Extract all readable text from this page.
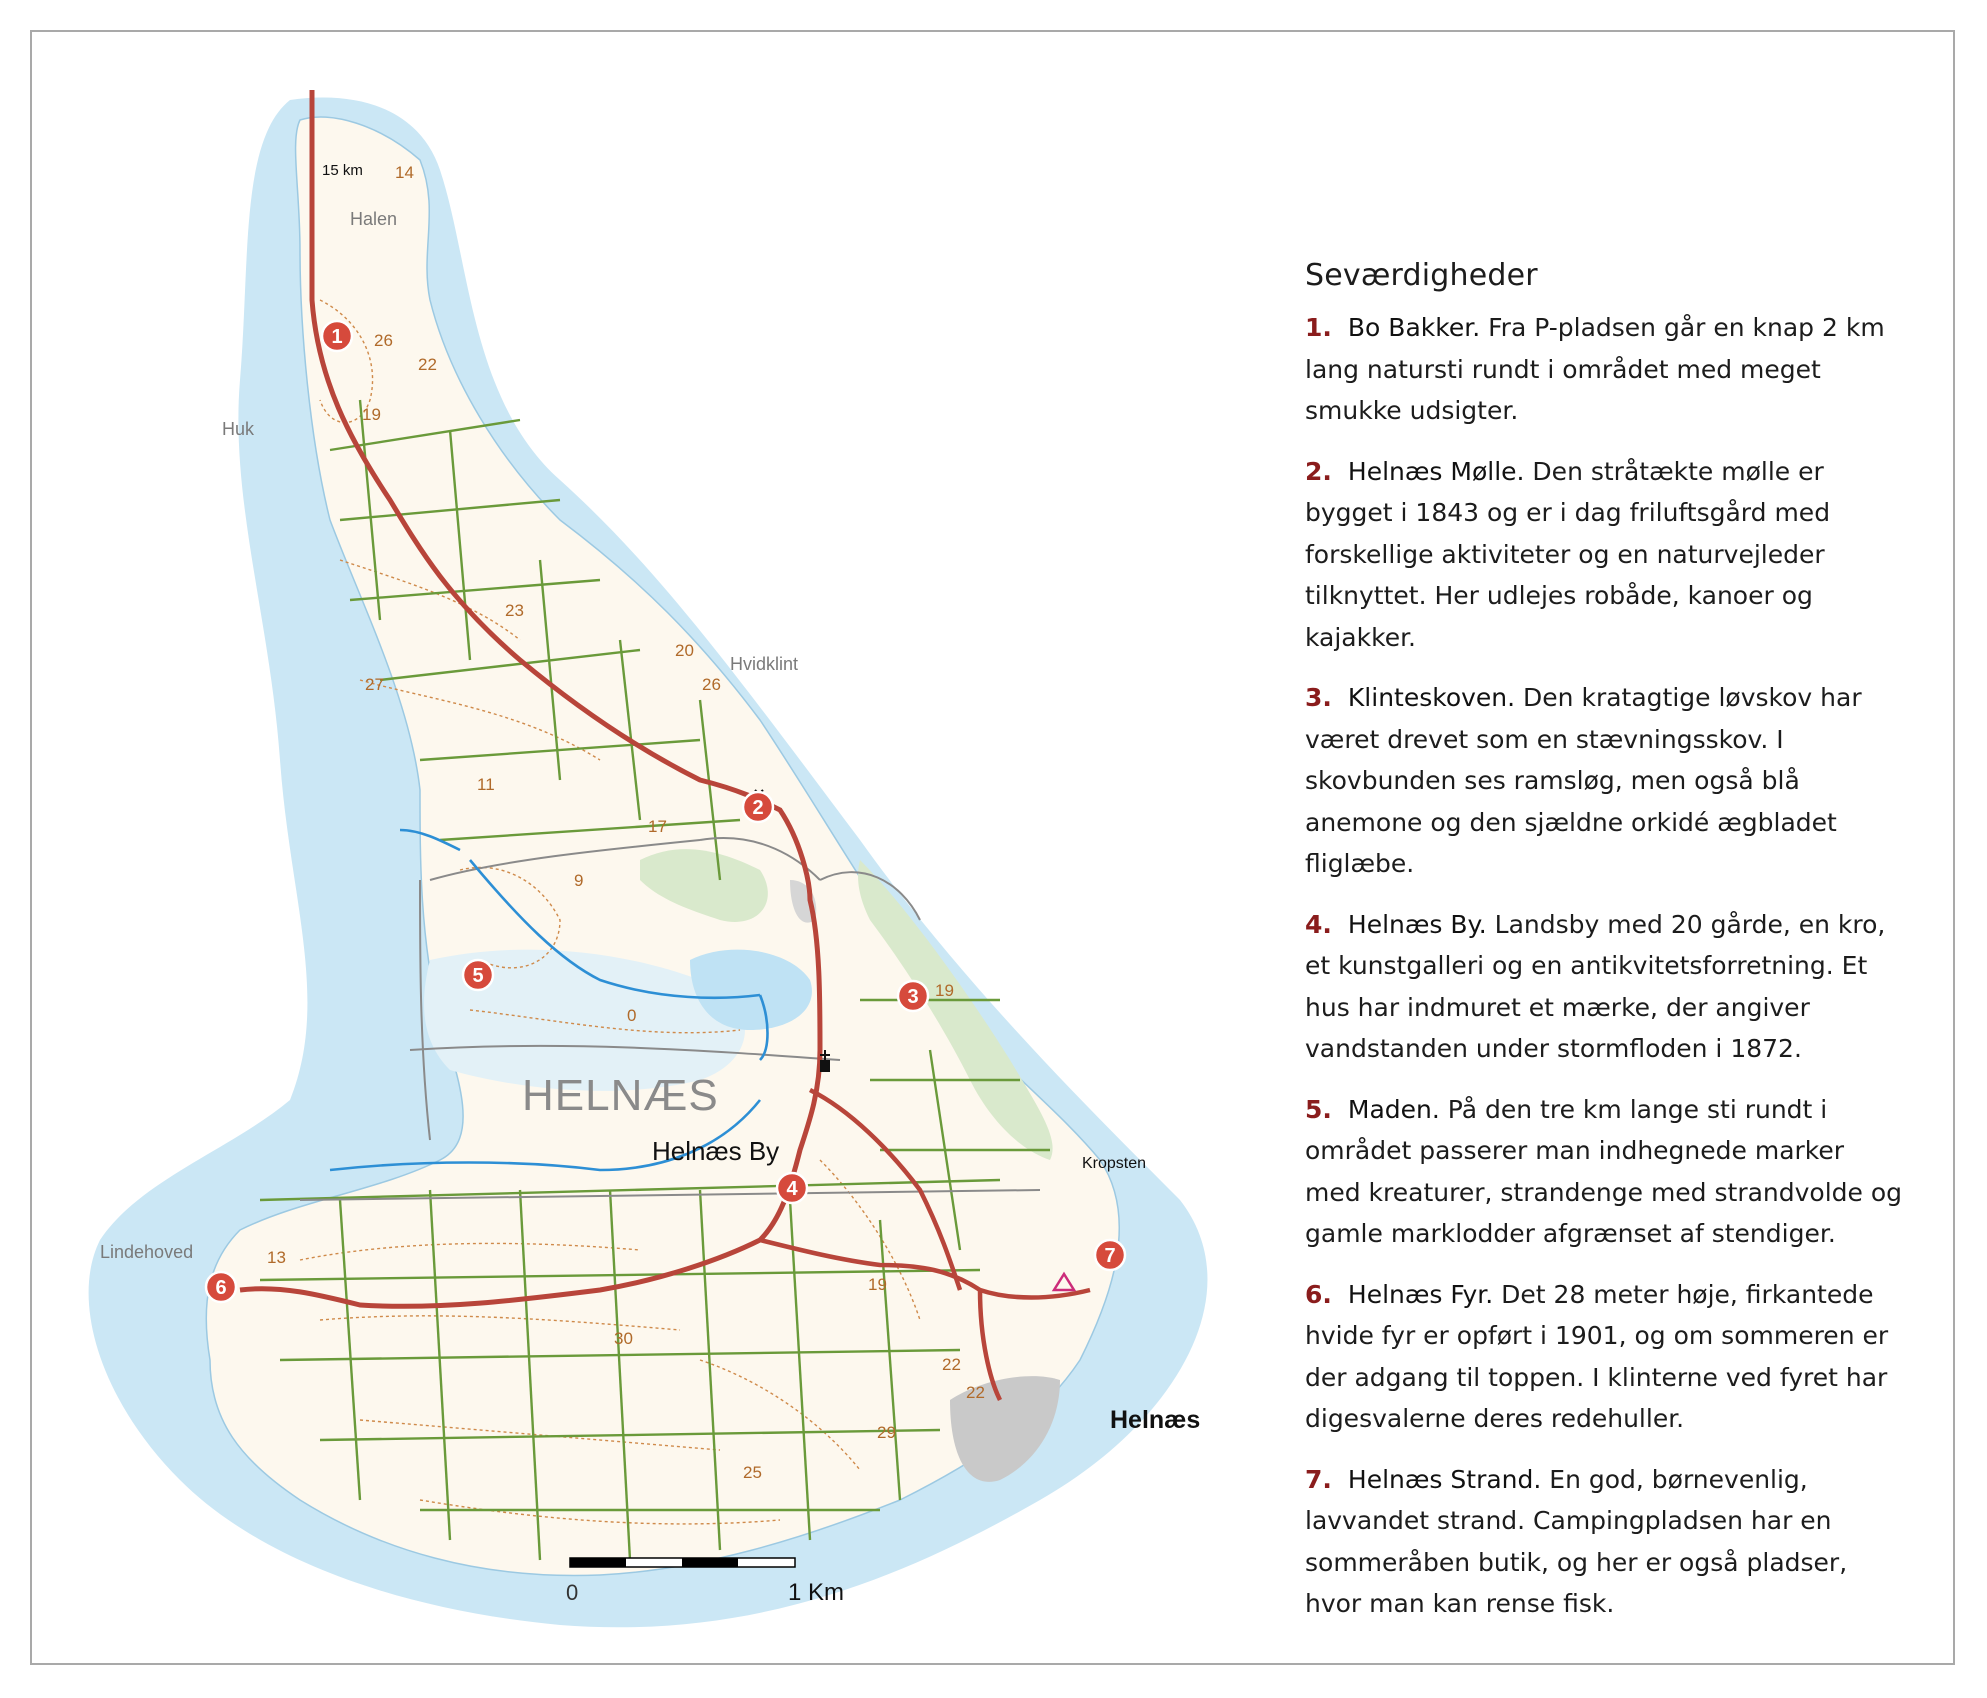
0	1 Km
Halen
Huk
Hvidklint
Lindehoved
Kropsten
HELNÆS
Helnæs By
Helnæs
15 km 14
26
22
19
23
20
26
27
11
17
9
0
13
19
30
22
22
29
25
19
1
2
3
4
5
6
7
Seværdigheder

1. Bo Bakker. Fra P-pladsen går en knap 2 km lang natursti rundt i området med meget smukke udsigter.

2. Helnæs Mølle. Den stråtækte mølle er bygget i 1843 og er i dag friluftsgård med forskellige aktiviteter og en naturvejleder tilknyttet. Her udlejes robåde, kanoer og kajakker.

3. Klinteskoven. Den kratagtige løvskov har været drevet som en stævningsskov. I skovbunden ses ramsløg, men også blå anemone og den sjældne orkidé ægbladet fliglæbe.

4. Helnæs By. Landsby med 20 gårde, en kro, et kunstgalleri og en antikvitetsforretning. Et hus har indmuret et mærke, der angiver vandstanden under stormfloden i 1872.

5. Maden. På den tre km lange sti rundt i området passerer man indhegnede marker med kreaturer, strandenge med strandvolde og gamle marklodder afgrænset af stendiger.

6. Helnæs Fyr. Det 28 meter høje, firkantede hvide fyr er opført i 1901, og om sommeren er der adgang til toppen. I klinterne ved fyret har digesvalerne deres redehuller.

7. Helnæs Strand. En god, børnevenlig, lavvandet strand. Campingpladsen har en sommeråben butik, og her er også pladser, hvor man kan rense fisk.
